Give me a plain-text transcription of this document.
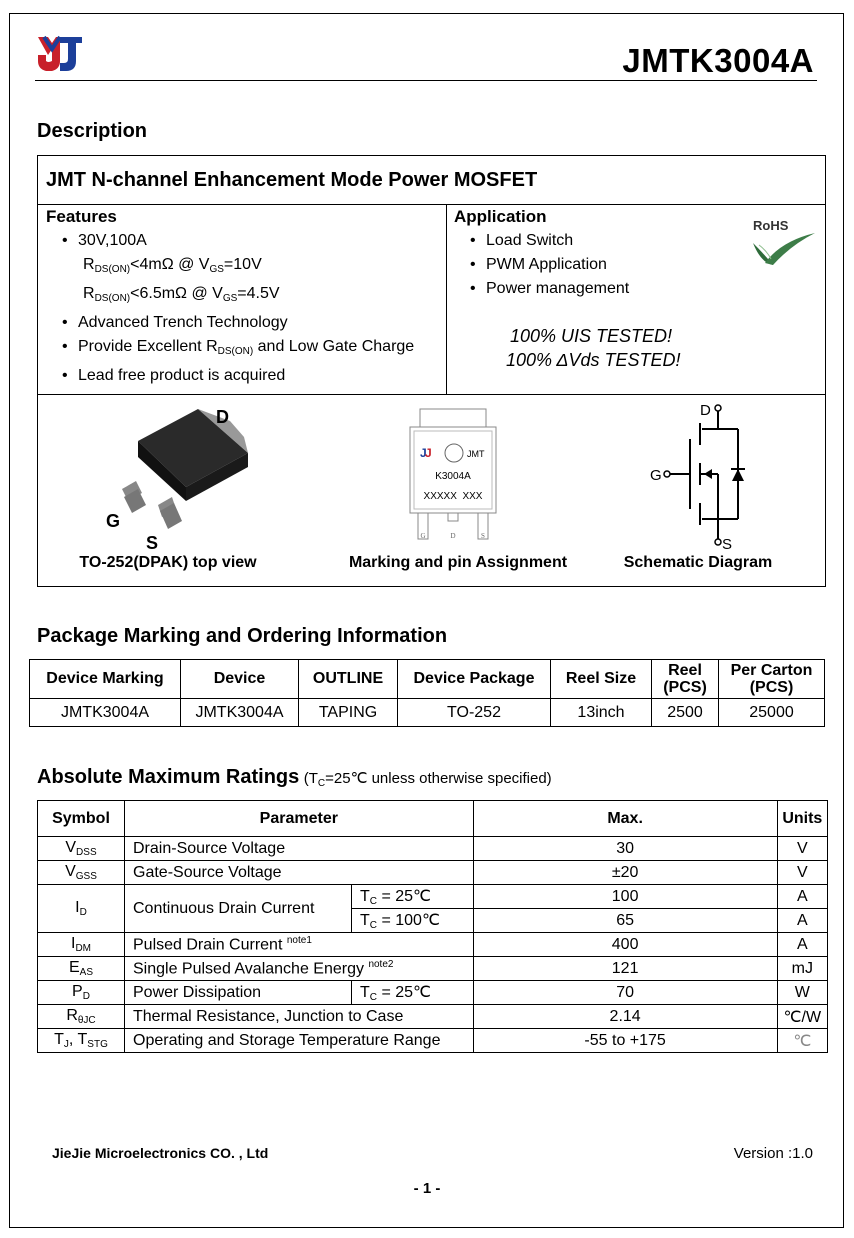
JMTK3004A
Description
JMT N-channel Enhancement Mode Power MOSFET
Features
• 30V,100A
$R_{DS(ON)}<4m\Omega$ @ $V_{GS}=10V$
$R_{DS(ON)}<6.5m\Omega$ @ $V_{GS}=4.5V$
• Advanced Trench Technology
• Provide Excellent $R_{DS(ON)}$ and Low Gate Charge
• Lead free product is acquired
Application
• Load Switch
• PWM Application
• Power management
RoHS
100% UIS TESTED!
100% ΔVds TESTED!
D
G
S
J
J	JMT
K3004A
XXXXX  XXX
G	D	S
D
G
S
TO-252(DPAK) top view	Marking and pin Assignment	Schematic Diagram
Package Marking and Ordering Information
Device Marking	Device	OUTLINE	Device Package	Reel Size	Reel (PCS)	Per Carton (PCS)
JMTK3004A	JMTK3004A	TAPING	TO-252	13inch	2500	25000
Absolute Maximum Ratings ($T_C=25℃$ unless otherwise specified)
Symbol	Parameter		Max.	Units
$V_{DSS}$	Drain-Source Voltage		30	V
$V_{GSS}$	Gate-Source Voltage		±20	V
$I_D$	Continuous Drain Current	$T_C$ = 25℃	100	A
		$T_C$ = 100℃	65	A
$I_{DM}$	Pulsed Drain Current $^{note1}$		400	A
$E_{AS}$	Single Pulsed Avalanche Energy $^{note2}$		121	mJ
$P_D$	Power Dissipation	$T_C$ = 25℃	70	W
$R_{\theta JC}$	Thermal Resistance, Junction to Case		2.14	℃/W
$T_J$, $T_{STG}$	Operating and Storage Temperature Range		-55 to +175	℃
JieJie Microelectronics CO. , Ltd	Version :1.0
- 1 -
